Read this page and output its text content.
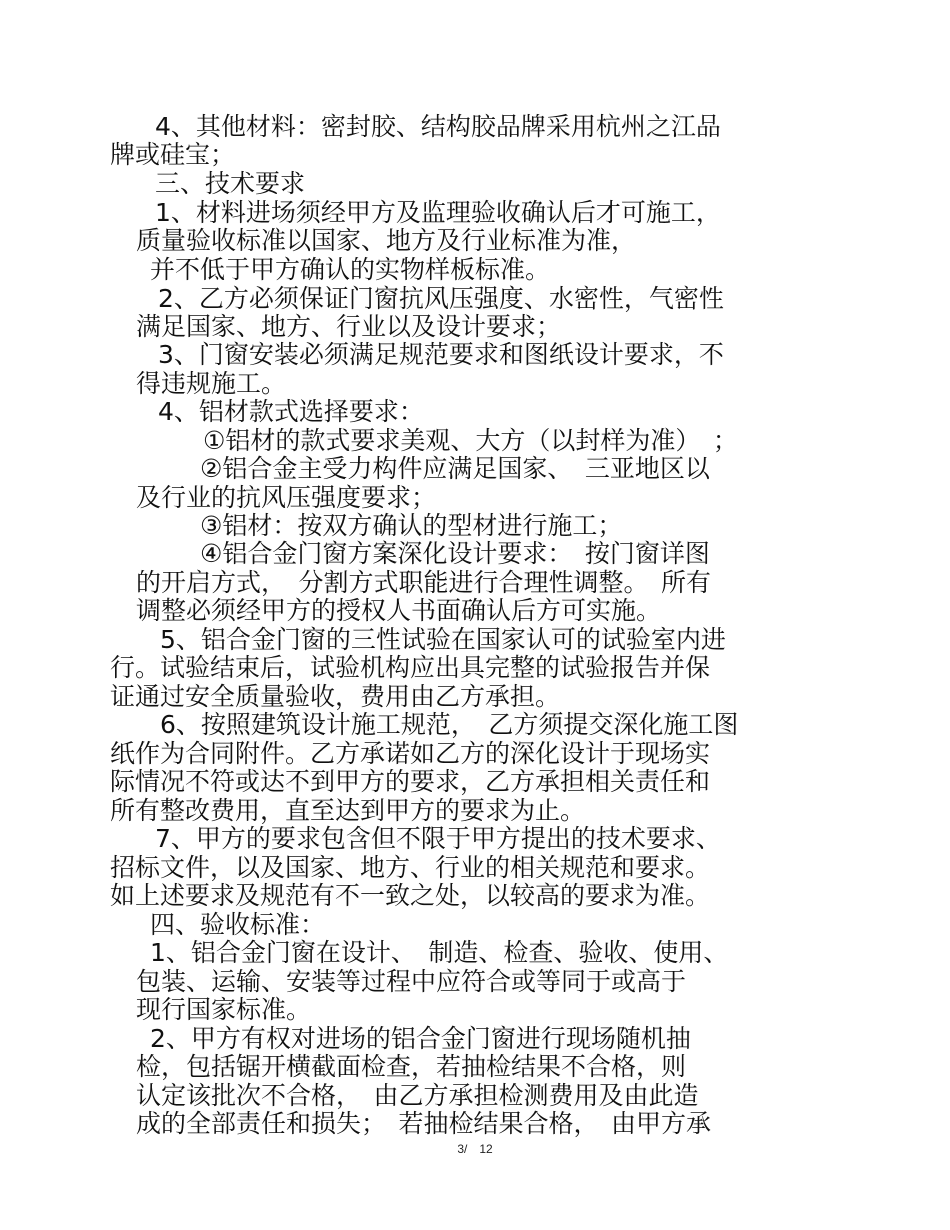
4、其他材料：密封胶、结构胶品牌采用杭州之江品
牌或硅宝；
三、技术要求
1、材料进场须经甲方及监理验收确认后才可施工，
质量验收标准以国家、地方及行业标准为准，
并不低于甲方确认的实物样板标准。
2、乙方必须保证门窗抗风压强度、水密性，气密性
满足国家、地方、行业以及设计要求；
3、门窗安装必须满足规范要求和图纸设计要求，不
得违规施工。
4、铝材款式选择要求：
①铝材的款式要求美观、大方（以封样为准）　；
②铝合金主受力构件应满足国家、　三亚地区以
及行业的抗风压强度要求；
③铝材：按双方确认的型材进行施工；
④铝合金门窗方案深化设计要求：　按门窗详图
的开启方式，　分割方式职能进行合理性调整。　所有
调整必须经甲方的授权人书面确认后方可实施。
5、铝合金门窗的三性试验在国家认可的试验室内进
行。试验结束后，试验机构应出具完整的试验报告并保
证通过安全质量验收，费用由乙方承担。
6、按照建筑设计施工规范，　乙方须提交深化施工图
纸作为合同附件。乙方承诺如乙方的深化设计于现场实
际情况不符或达不到甲方的要求，乙方承担相关责任和
所有整改费用，直至达到甲方的要求为止。
7、甲方的要求包含但不限于甲方提出的技术要求、
招标文件，以及国家、地方、行业的相关规范和要求。
如上述要求及规范有不一致之处，以较高的要求为准。
四、验收标准：
1、铝合金门窗在设计、　制造、检查、验收、使用、
包装、运输、安装等过程中应符合或等同于或高于
现行国家标准。
2、甲方有权对进场的铝合金门窗进行现场随机抽
检，包括锯开横截面检查，若抽检结果不合格，则
认定该批次不合格，　由乙方承担检测费用及由此造
成的全部责任和损失；　若抽检结果合格，　由甲方承
3/　12
